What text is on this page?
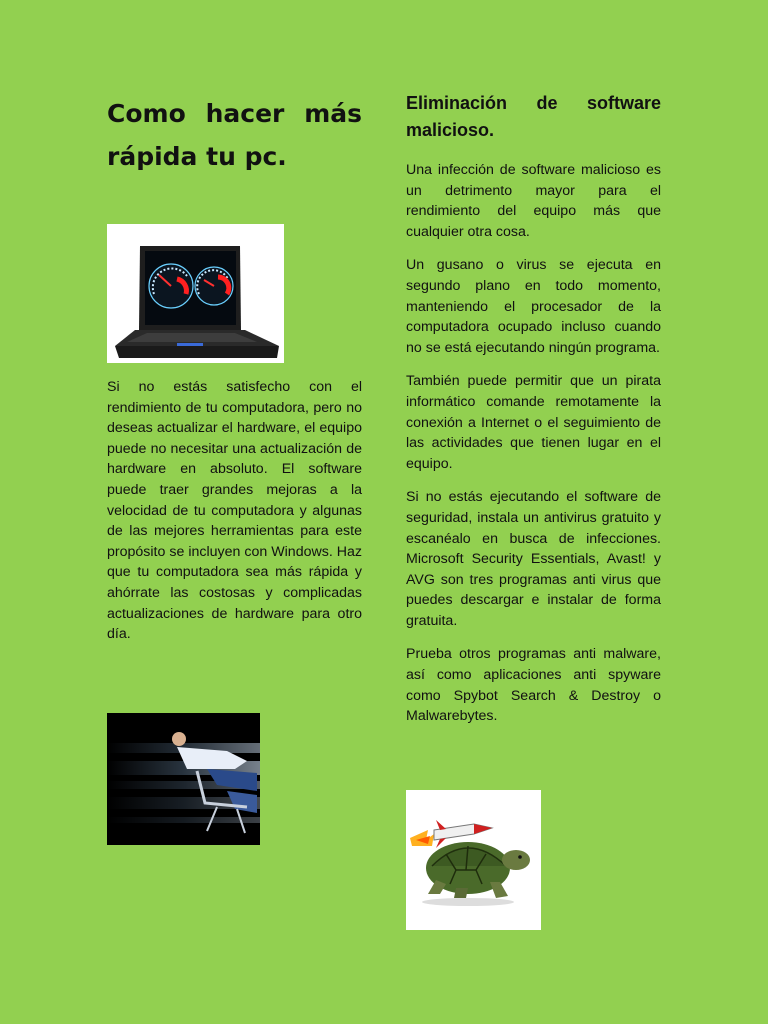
Como hacer más rápida tu pc.

Si no estás satisfecho con el rendimiento de tu computadora, pero no deseas actualizar el hardware, el equipo puede no necesitar una actualización de hardware en absoluto. El software puede traer grandes mejoras a la velocidad de tu computadora y algunas de las mejores herramientas para este propósito se incluyen con Windows. Haz que tu computadora sea más rápida y ahórrate las costosas y complicadas actualizaciones de hardware para otro día.

Eliminación de software malicioso.

Una infección de software malicioso es un detrimento mayor para el rendimiento del equipo más que cualquier otra cosa.

Un gusano o virus se ejecuta en segundo plano en todo momento, manteniendo el procesador de la computadora ocupado incluso cuando no se está ejecutando ningún programa.

También puede permitir que un pirata informático comande remotamente la conexión a Internet o el seguimiento de las actividades que tienen lugar en el equipo.

Si no estás ejecutando el software de seguridad, instala un antivirus gratuito y escanéalo en busca de infecciones. Microsoft Security Essentials, Avast! y AVG son tres programas anti virus que puedes descargar e instalar de forma gratuita.

Prueba otros programas anti malware, así como aplicaciones anti spyware como Spybot Search & Destroy o Malwarebytes.
